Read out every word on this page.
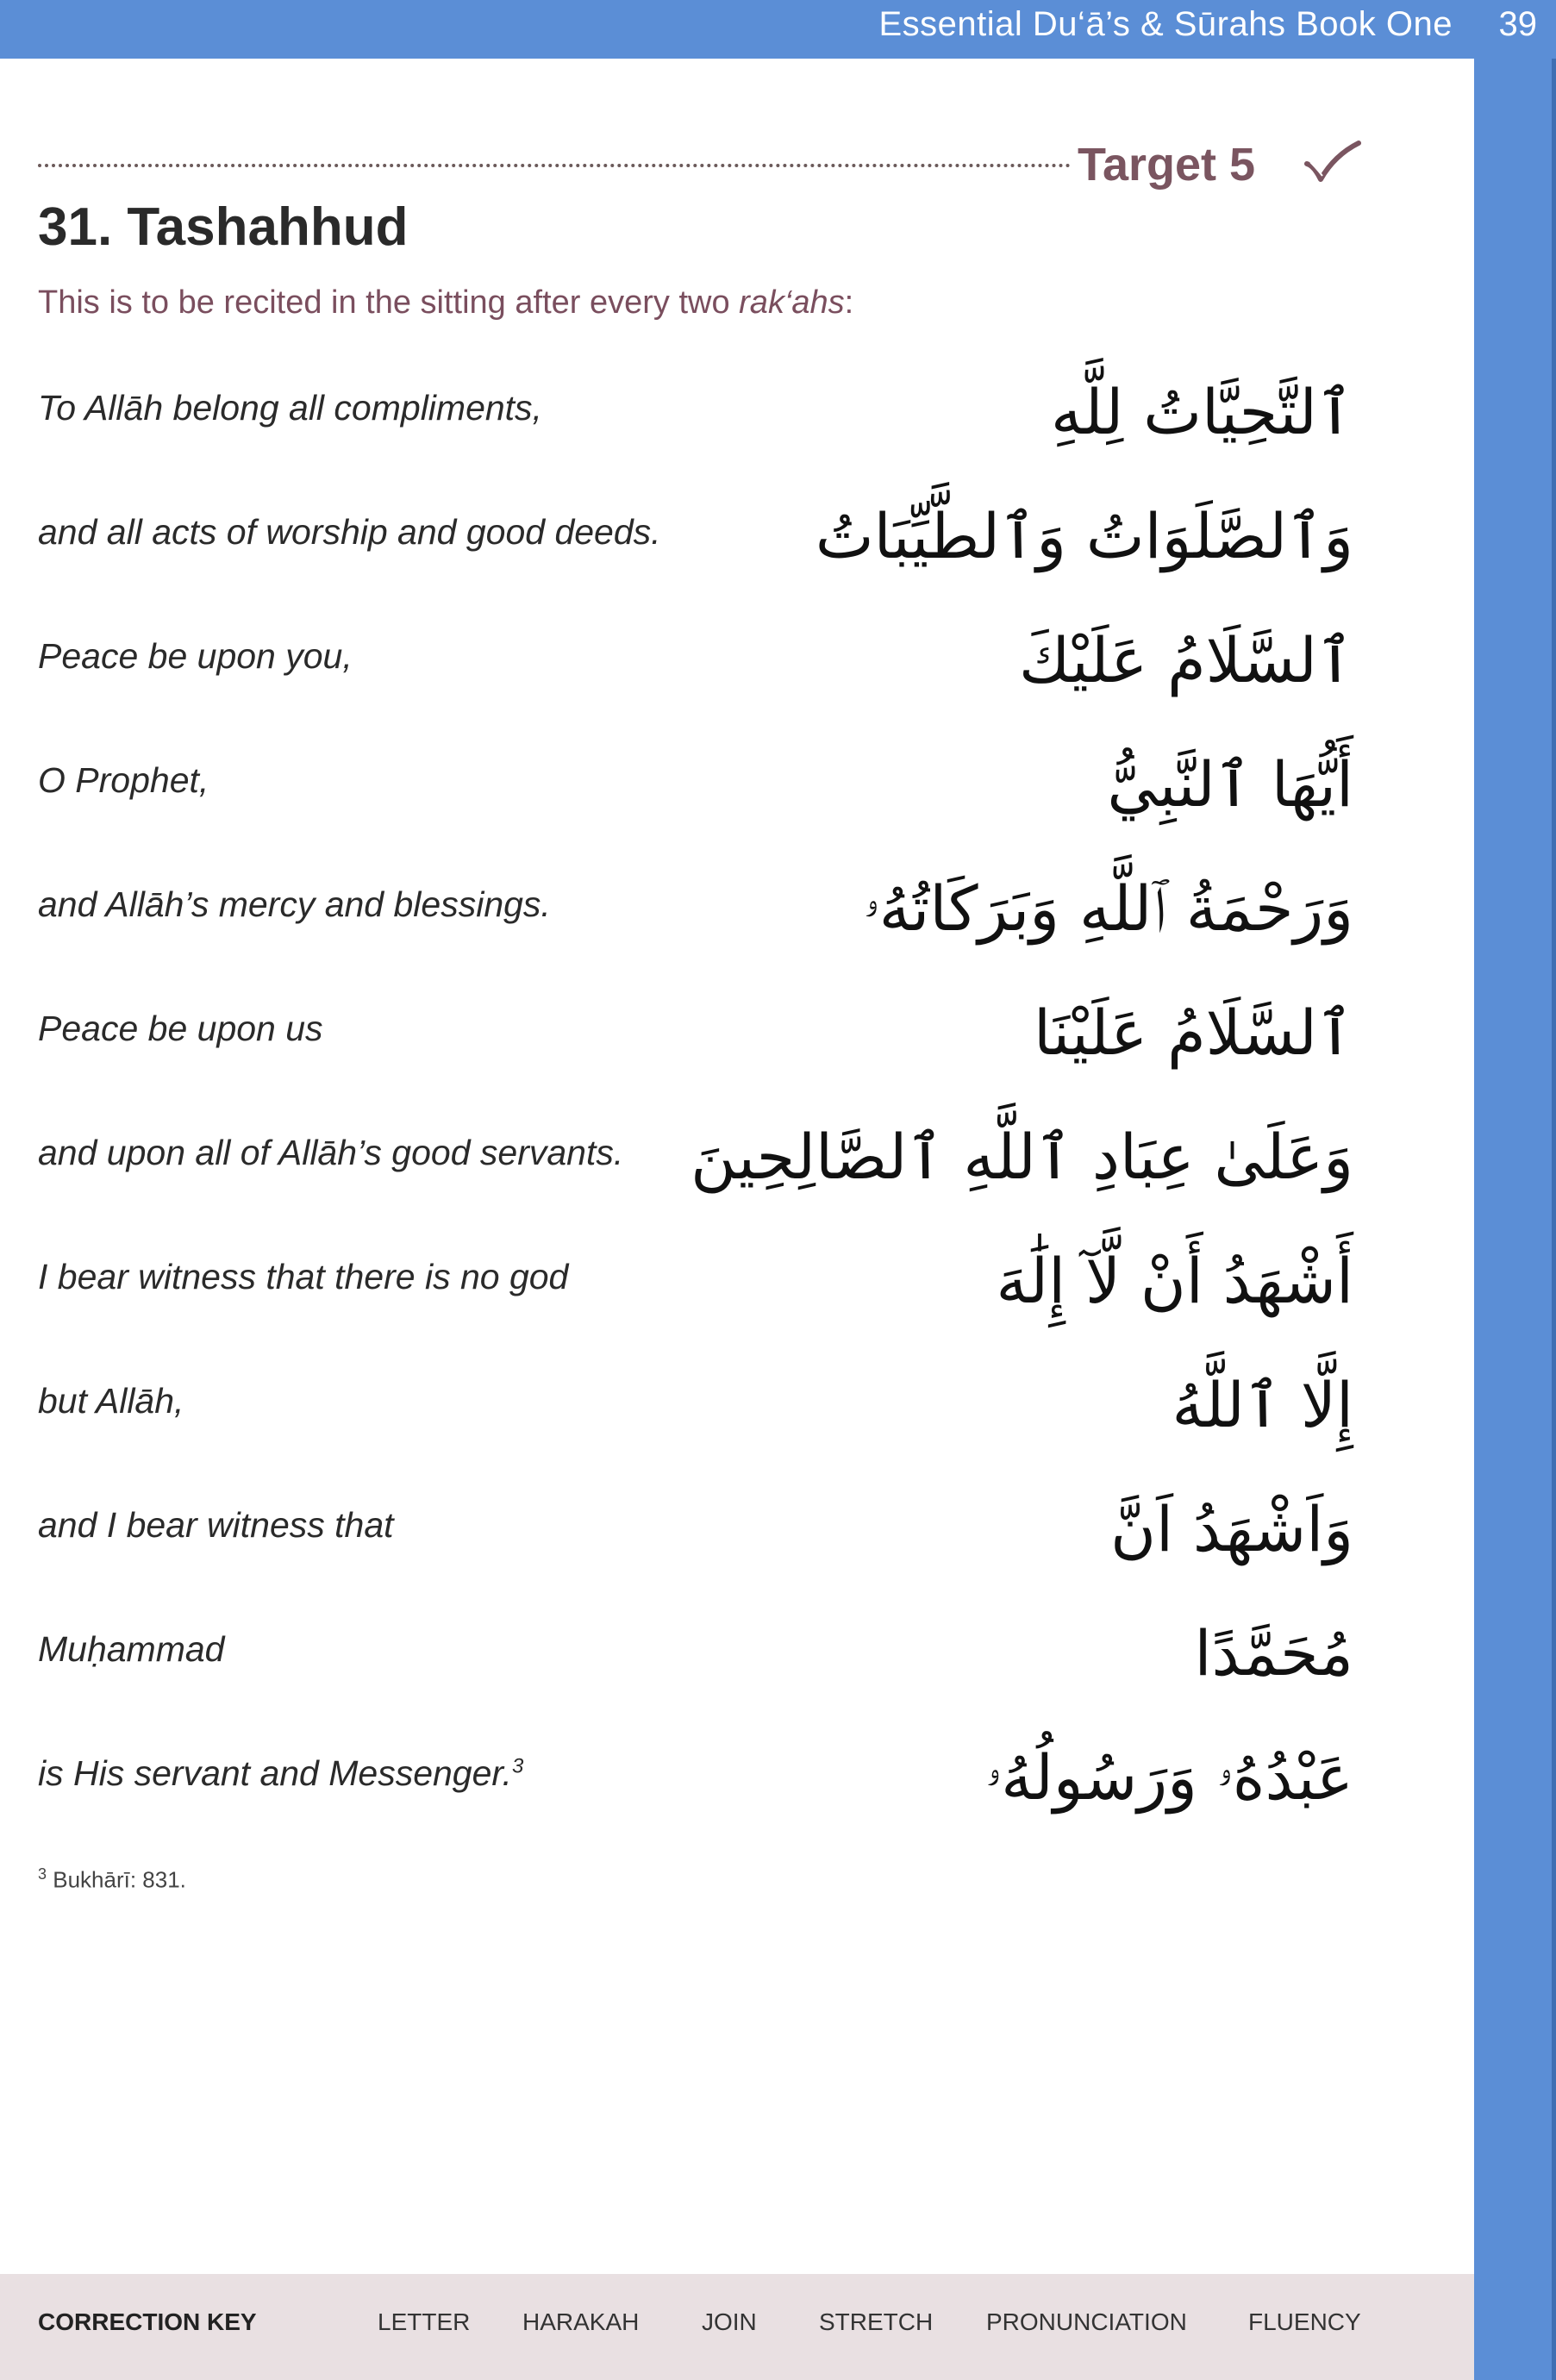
Essential Du‘ā’s & Sūrahs Book One 39
Target 5
31. Tashahhud
This is to be recited in the sitting after every two rak‘ahs:
To Allāh belong all compliments,	ٱلتَّحِيَّاتُ لِلَّهِ
and all acts of worship and good deeds. وَٱلصَّلَوَاتُ وَٱلطَّيِّبَاتُ
Peace be upon you,	ٱلسَّلَامُ عَلَيْكَ
O Prophet,	أَيُّهَا ٱلنَّبِيُّ
and Allāh’s mercy and blessings.	وَرَحْمَةُ ٱللَّهِ وَبَرَكَاتُهُۥ
Peace be upon us	ٱلسَّلَامُ عَلَيْنَا
and upon all of Allāh’s good servants. وَعَلَىٰ عِبَادِ ٱللَّهِ ٱلصَّالِحِينَ
I bear witness that there is no god	أَشْهَدُ أَنْ لَّآ إِلَٰهَ
but Allāh,	إِلَّا ٱللَّهُ
and I bear witness that	وَاَشْهَدُ اَنَّ
Muḥammad	مُحَمَّدًا
is His servant and Messenger.$^3$	عَبْدُهُۥ وَرَسُولُهُۥ
$^3$ Bukhārī: 831.
CORRECTION KEY	LETTER HARAKAH	JOIN	STRETCH PRONUNCIATION	FLUENCY
